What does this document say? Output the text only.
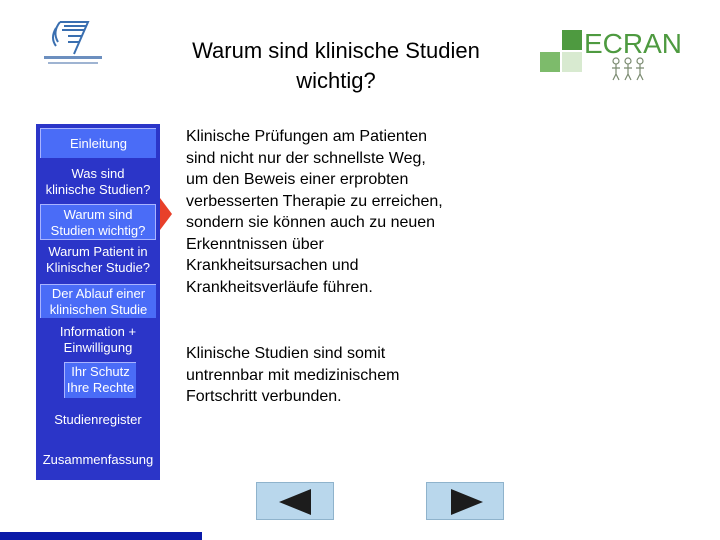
Warum sind klinische Studien
wichtig?
ECRAN
Einleitung
Was sind
klinische Studien?
Warum sind
Studien wichtig?
Warum Patient in
Klinischer Studie?
Der Ablauf einer
klinischen Studie
Information +
Einwilligung
Ihr Schutz
Ihre Rechte
Studienregister
Zusammenfassung
Klinische Prüfungen am Patienten
sind nicht nur der schnellste Weg,
um den Beweis einer erprobten
verbesserten Therapie zu erreichen,
sondern sie können auch zu neuen
Erkenntnissen über
Krankheitsursachen und
Krankheitsverläufe führen.
Klinische Studien sind somit
untrennbar mit medizinischem
Fortschritt verbunden.
